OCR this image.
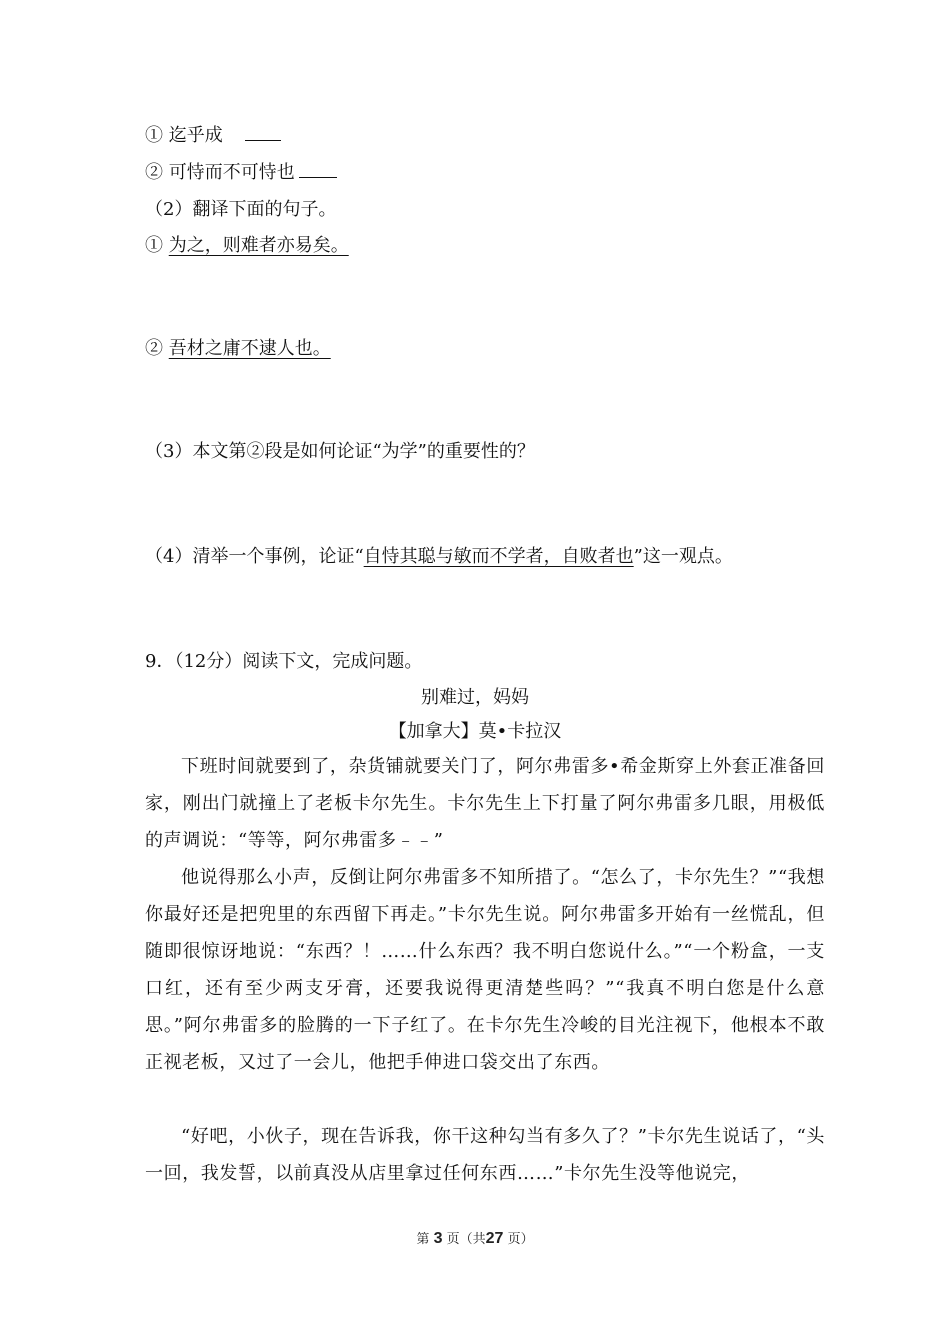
① 迄乎成
② 可恃而不可恃也
（2）翻译下面的句子。
① 为之，则难者亦易矣。
② 吾材之庸不逮人也。
（3）本文第②段是如何论证“为学”的重要性的？
（4）清举一个事例，论证“自恃其聪与敏而不学者，自败者也”这一观点。
9．（12分）阅读下文，完成问题。
别难过，妈妈
【加拿大】莫•卡拉汉
下班时间就要到了，杂货铺就要关门了，阿尔弗雷多•希金斯穿上外套正准备回家，刚出门就撞上了老板卡尔先生。卡尔先生上下打量了阿尔弗雷多几眼，用极低的声调说：“等等，阿尔弗雷多﹣﹣”
他说得那么小声，反倒让阿尔弗雷多不知所措了。“怎么了，卡尔先生？”“我想你最好还是把兜里的东西留下再走。”卡尔先生说。阿尔弗雷多开始有一丝慌乱，但随即很惊讶地说：“东西？！……什么东西？我不明白您说什么。”“一个粉盒，一支口红，还有至少两支牙膏，还要我说得更清楚些吗？”“我真不明白您是什么意思。”阿尔弗雷多的脸腾的一下子红了。在卡尔先生冷峻的目光注视下，他根本不敢正视老板，又过了一会儿，他把手伸进口袋交出了东西。
“好吧，小伙子，现在告诉我，你干这种勾当有多久了？”卡尔先生说话了，“头一回，我发誓，以前真没从店里拿过任何东西……”卡尔先生没等他说完，
第 3 页（共27 页）
